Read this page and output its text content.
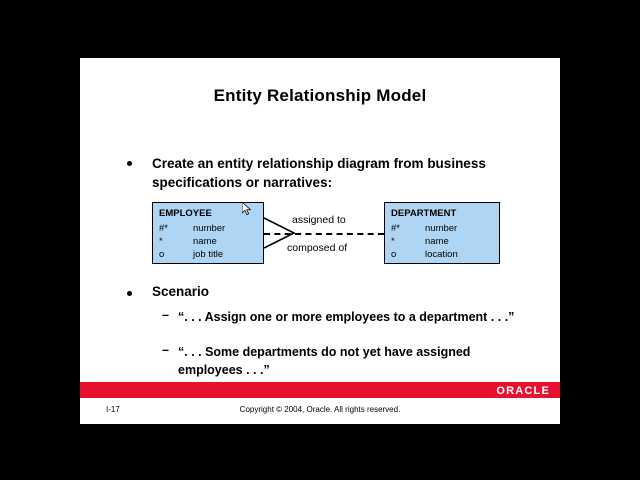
Entity Relationship Model
Create an entity relationship diagram from business specifications or narratives:
EMPLOYEE
#*	number
*	name
o	job title
assigned to
composed of
DEPARTMENT
#*	number
*	name
o	location
Scenario
– “. . . Assign one or more employees to a department . . .”
– “. . . Some departments do not yet have assigned employees . . .”
ORACLE
I-17	Copyright © 2004, Oracle. All rights reserved.
